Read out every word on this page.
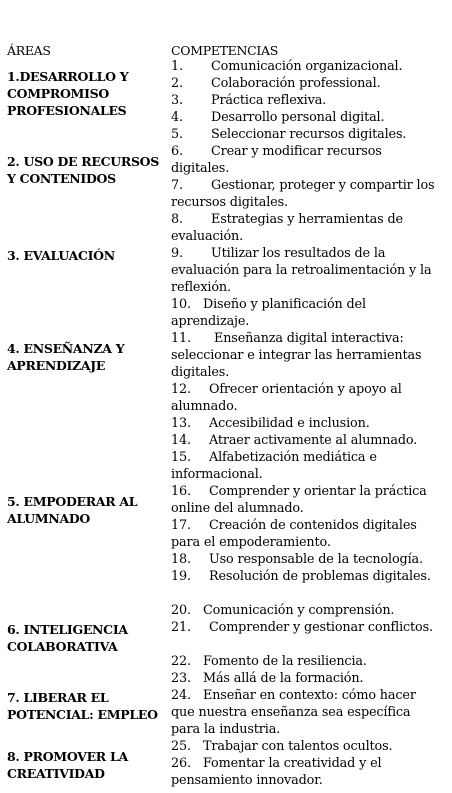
ÁREAS	COMPETENCIAS
1.DESARROLLO Y COMPROMISO PROFESIONALES
2. USO DE RECURSOS Y CONTENIDOS
3. EVALUACIÓN
4. ENSEÑANZA Y APRENDIZAJE
5. EMPODERAR AL ALUMNADO
6. INTELIGENCIA COLABORATIVA
7. LIBERAR EL POTENCIAL: EMPLEO
8. PROMOVER LA CREATIVIDAD
1. Comunicación organizacional.
2. Colaboración professional.
3. Práctica reflexiva.
4. Desarrollo personal digital.
5. Seleccionar recursos digitales.
6. Crear y modificar recursos digitales.
7. Gestionar, proteger y compartir los recursos digitales.
8. Estrategias y herramientas de evaluación.
9. Utilizar los resultados de la evaluación para la retroalimentación y la reflexión.
10. Diseño y planificación del aprendizaje.
11. Enseñanza digital interactiva: seleccionar e integrar las herramientas digitales.
12. Ofrecer orientación y apoyo al alumnado.
13. Accesibilidad e inclusion.
14. Atraer activamente al alumnado.
15. Alfabetización mediática e informacional.
16. Comprender y orientar la práctica online del alumnado.
17. Creación de contenidos digitales para el empoderamiento.
18. Uso responsable de la tecnología.
19. Resolución de problemas digitales.
20. Comunicación y comprensión.
21. Comprender y gestionar conflictos.
22. Fomento de la resiliencia.
23. Más allá de la formación.
24. Enseñar en contexto: cómo hacer que nuestra enseñanza sea específica para la industria.
25. Trabajar con talentos ocultos.
26. Fomentar la creatividad y el pensamiento innovador.
